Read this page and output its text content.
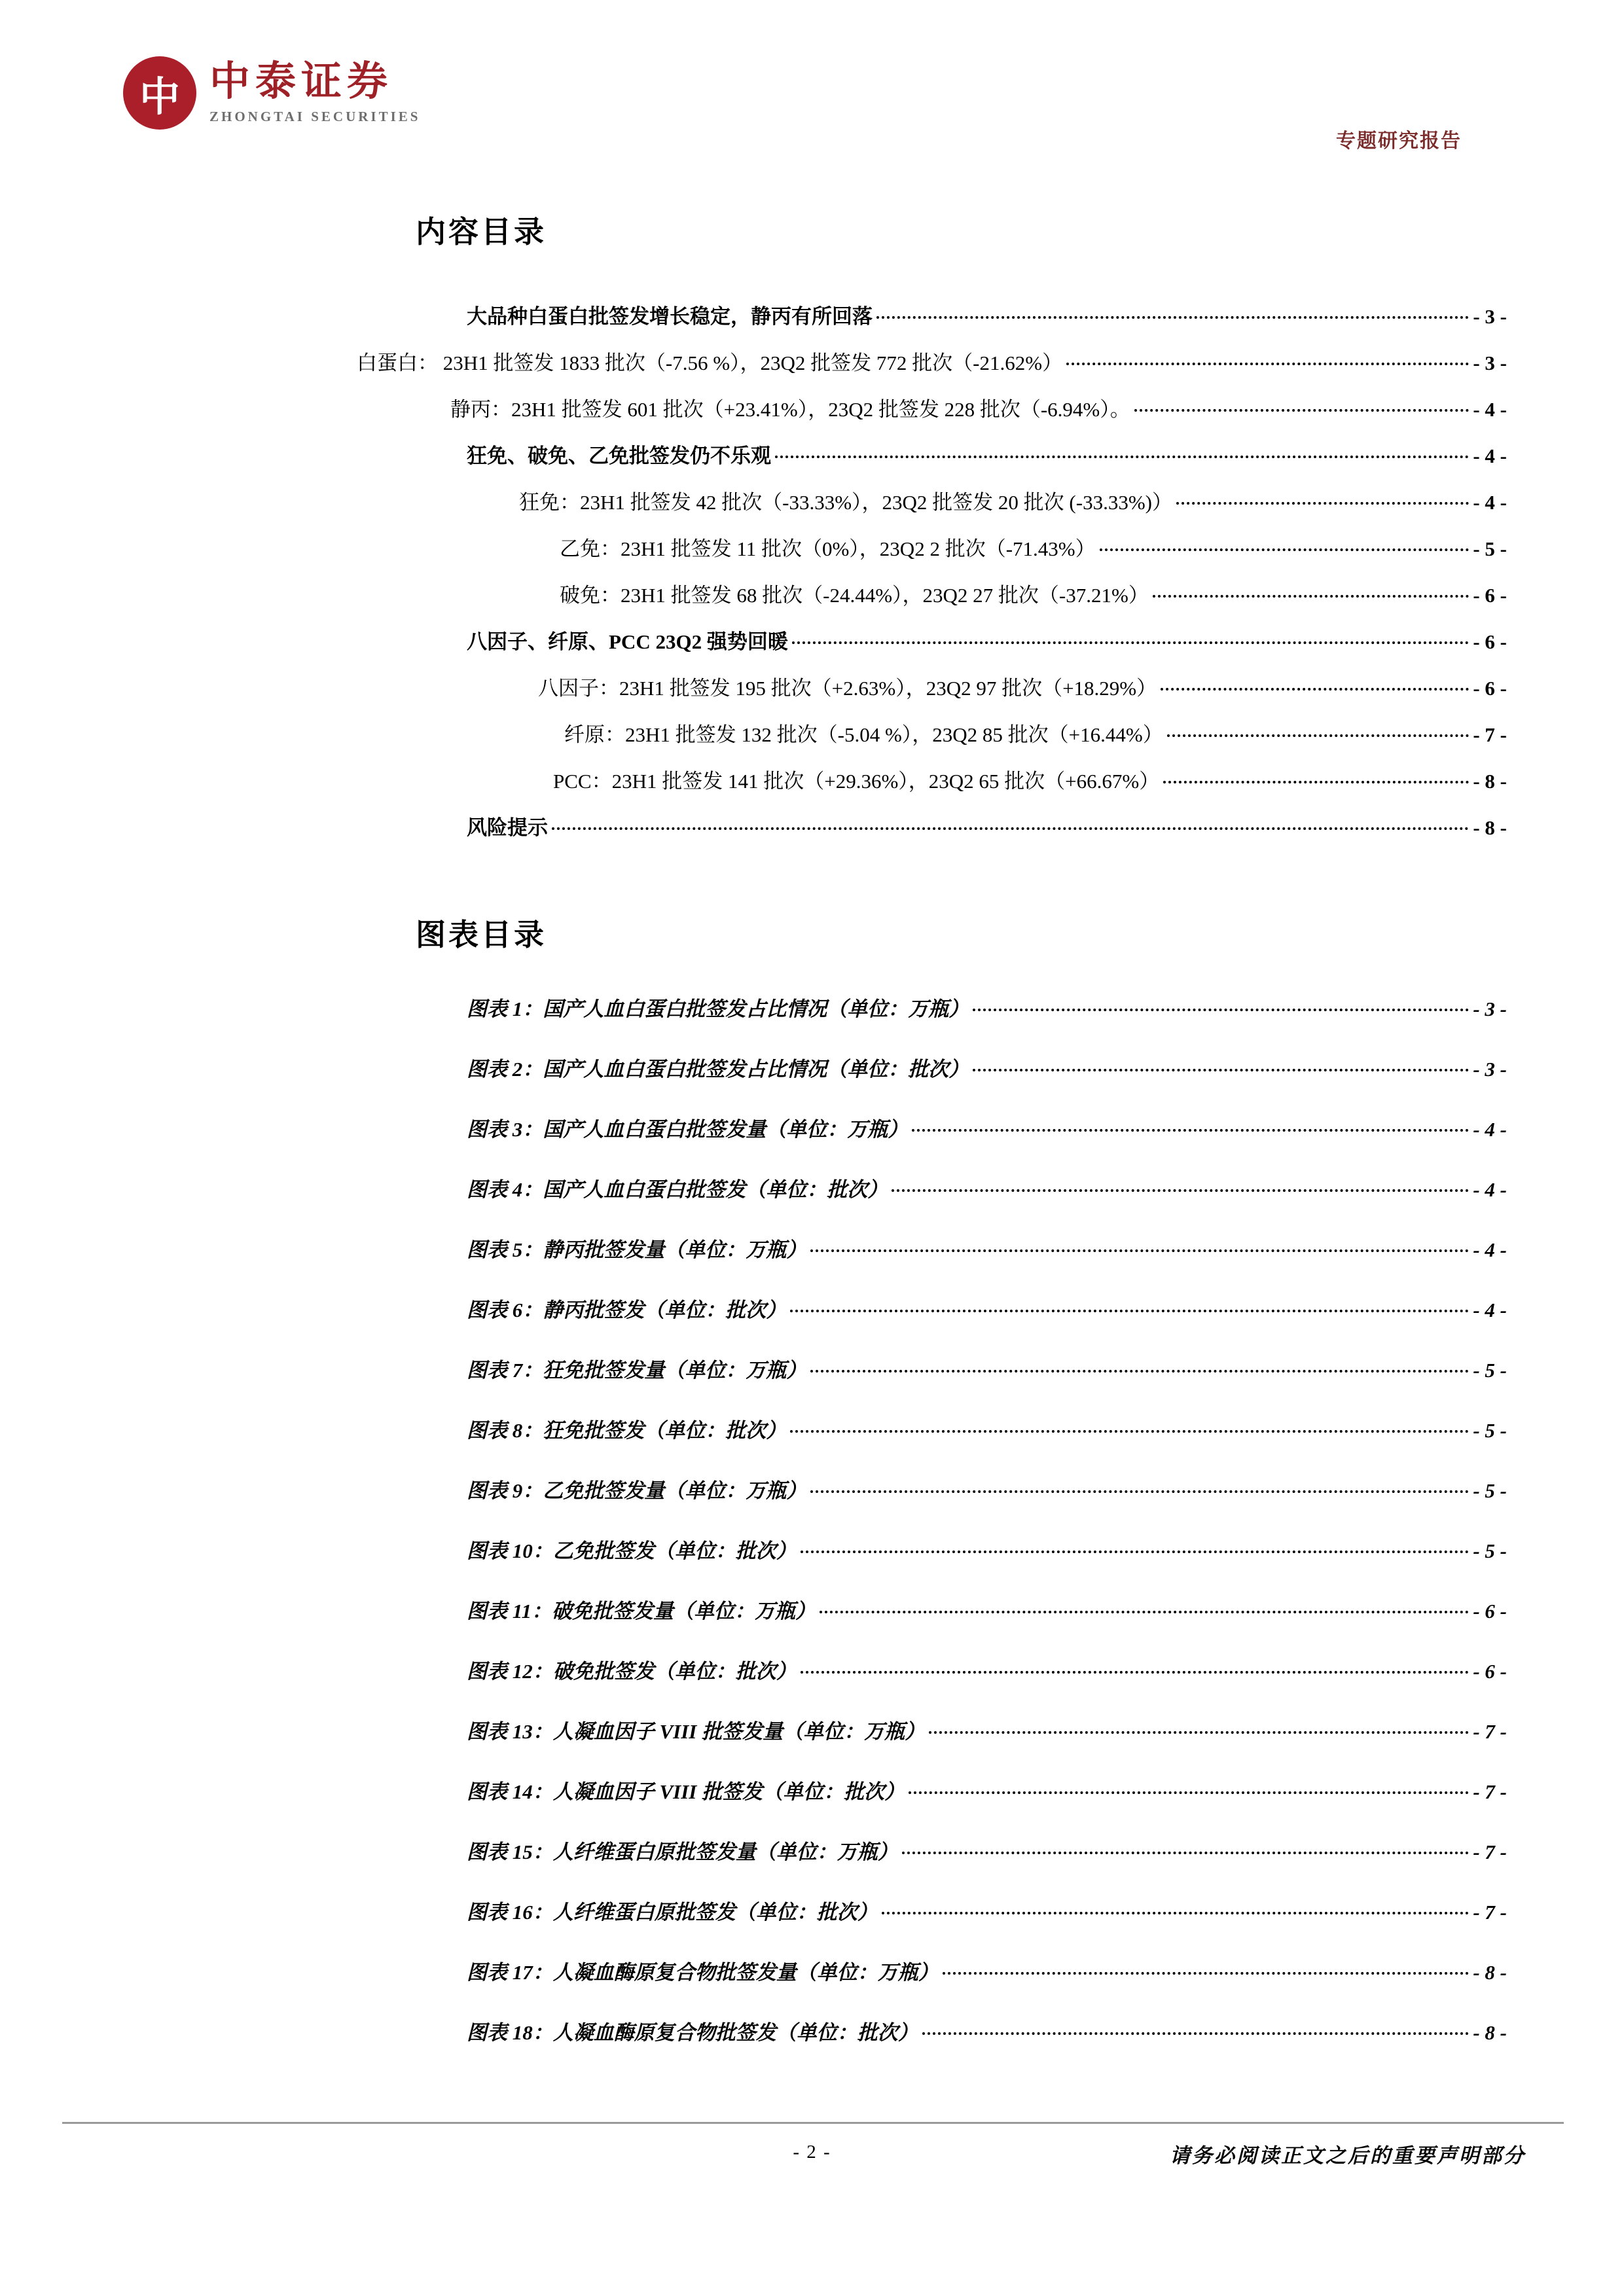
中 中泰证券
ZHONGTAI SECURITIES
专题研究报告
内容目录
大品种白蛋白批签发增长稳定，静丙有所回落	- 3 -
白蛋白： 23H1 批签发 1833 批次（-7.56 %），23Q2 批签发 772 批次（-21.62%）	- 3 -
静丙：23H1 批签发 601 批次（+23.41%），23Q2 批签发 228 批次（-6.94%）。	- 4 -
狂免、破免、乙免批签发仍不乐观	- 4 -
狂免：23H1 批签发 42 批次（-33.33%），23Q2 批签发 20 批次 (-33.33%)）	- 4 -
乙免：23H1 批签发 11 批次（0%），23Q2 2 批次（-71.43%）	- 5 -
破免：23H1 批签发 68 批次（-24.44%），23Q2 27 批次（-37.21%）	- 6 -
八因子、纤原、PCC 23Q2 强势回暖	- 6 -
八因子：23H1 批签发 195 批次（+2.63%），23Q2 97 批次（+18.29%）	- 6 -
纤原：23H1 批签发 132 批次（-5.04 %），23Q2 85 批次（+16.44%）	- 7 -
PCC：23H1 批签发 141 批次（+29.36%），23Q2 65 批次（+66.67%）	- 8 -
风险提示	- 8 -
图表目录
图表 1：国产人血白蛋白批签发占比情况（单位：万瓶）	- 3 -
图表 2：国产人血白蛋白批签发占比情况（单位：批次）	- 3 -
图表 3：国产人血白蛋白批签发量（单位：万瓶）	- 4 -
图表 4：国产人血白蛋白批签发（单位：批次）	- 4 -
图表 5：静丙批签发量（单位：万瓶）	- 4 -
图表 6：静丙批签发（单位：批次）	- 4 -
图表 7：狂免批签发量（单位：万瓶）	- 5 -
图表 8：狂免批签发（单位：批次）	- 5 -
图表 9：乙免批签发量（单位：万瓶）	- 5 -
图表 10：乙免批签发（单位：批次）	- 5 -
图表 11：破免批签发量（单位：万瓶）	- 6 -
图表 12：破免批签发（单位：批次）	- 6 -
图表 13：人凝血因子 VIII 批签发量（单位：万瓶）	- 7 -
图表 14：人凝血因子 VIII 批签发（单位：批次）	- 7 -
图表 15：人纤维蛋白原批签发量（单位：万瓶）	- 7 -
图表 16：人纤维蛋白原批签发（单位：批次）	- 7 -
图表 17：人凝血酶原复合物批签发量（单位：万瓶）	- 8 -
图表 18：人凝血酶原复合物批签发（单位：批次）	- 8 -
- 2 -	请务必阅读正文之后的重要声明部分
